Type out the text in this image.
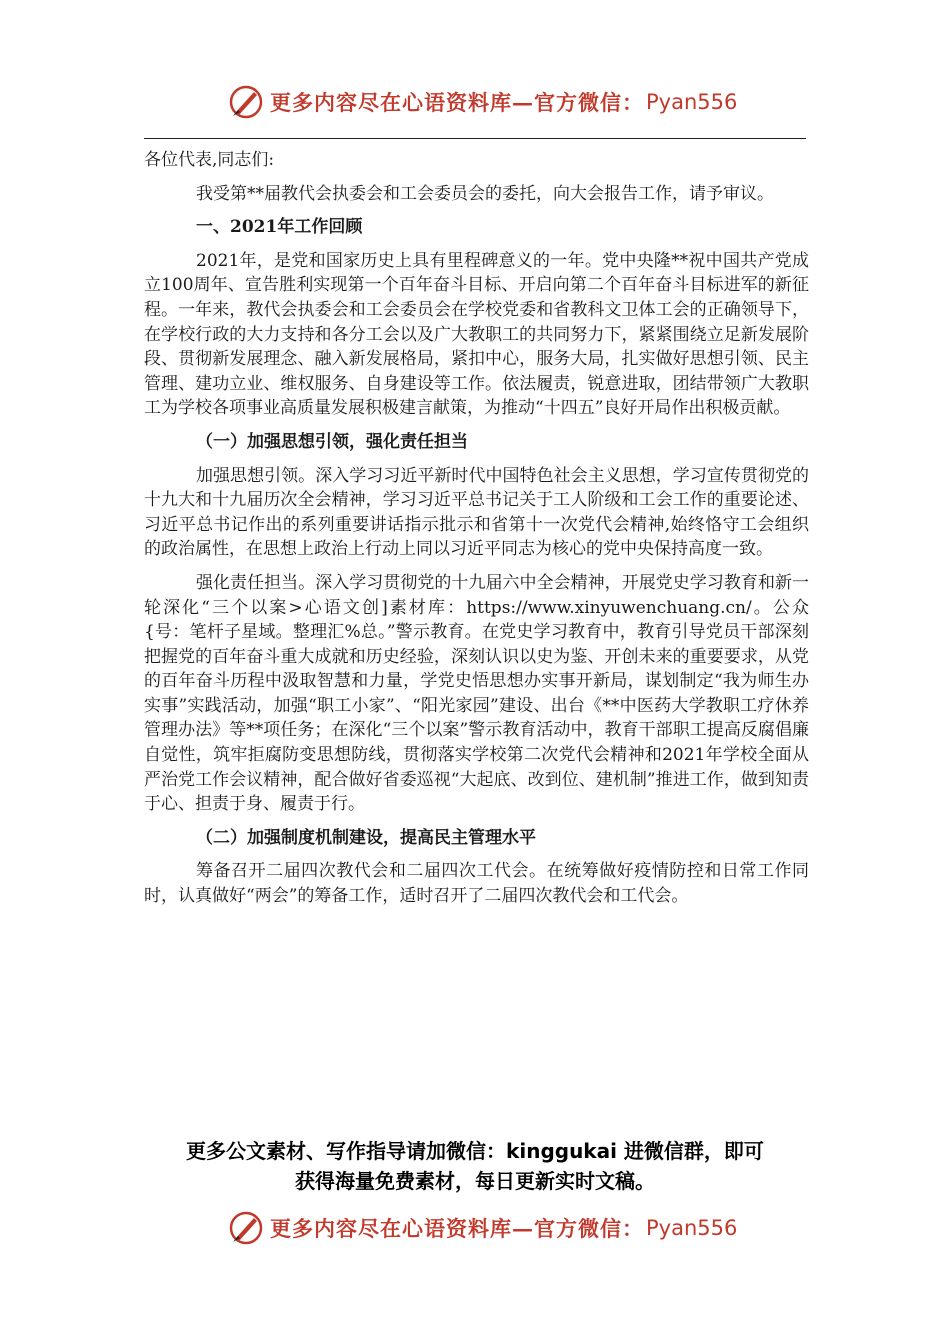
更多内容尽在心语资料库—官方微信： Pyan556

各位代表,同志们:

我受第**届教代会执委会和工会委员会的委托，向大会报告工作，请予审议。

一、2021年工作回顾

2021年，是党和国家历史上具有里程碑意义的一年。党中央隆**祝中国共产党成立100周年、宣告胜利实现第一个百年奋斗目标、开启向第二个百年奋斗目标进军的新征程。一年来，教代会执委会和工会委员会在学校党委和省教科文卫体工会的正确领导下，在学校行政的大力支持和各分工会以及广大教职工的共同努力下，紧紧围绕立足新发展阶段、贯彻新发展理念、融入新发展格局，紧扣中心，服务大局，扎实做好思想引领、民主管理、建功立业、维权服务、自身建设等工作。依法履责，锐意进取，团结带领广大教职工为学校各项事业高质量发展积极建言献策，为推动“十四五”良好开局作出积极贡献。

（一）加强思想引领，强化责任担当

加强思想引领。深入学习习近平新时代中国特色社会主义思想，学习宣传贯彻党的十九大和十九届历次全会精神，学习习近平总书记关于工人阶级和工会工作的重要论述、习近平总书记作出的系列重要讲话指示批示和省第十一次党代会精神,始终恪守工会组织的政治属性，在思想上政治上行动上同以习近平同志为核心的党中央保持高度一致。

强化责任担当。深入学习贯彻党的十九届六中全会精神，开展党史学习教育和新一轮深化“三个以案>心语文创]素材库：https://www.xinyuwenchuang.cn/。公众{号：笔杆子星域。整理汇%总。”警示教育。在党史学习教育中，教育引导党员干部深刻把握党的百年奋斗重大成就和历史经验，深刻认识以史为鉴、开创未来的重要要求，从党的百年奋斗历程中汲取智慧和力量，学党史悟思想办实事开新局，谋划制定“我为师生办实事”实践活动，加强“职工小家”、“阳光家园”建设、出台《**中医药大学教职工疗休养管理办法》等**项任务；在深化“三个以案”警示教育活动中，教育干部职工提高反腐倡廉自觉性，筑牢拒腐防变思想防线，贯彻落实学校第二次党代会精神和2021年学校全面从严治党工作会议精神，配合做好省委巡视“大起底、改到位、建机制”推进工作，做到知责于心、担责于身、履责于行。

（二）加强制度机制建设，提高民主管理水平

筹备召开二届四次教代会和二届四次工代会。在统筹做好疫情防控和日常工作同时，认真做好“两会”的筹备工作，适时召开了二届四次教代会和工代会。

更多公文素材、写作指导请加微信：kinggukai 进微信群，即可
获得海量免费素材，每日更新实时文稿。
更多内容尽在心语资料库—官方微信： Pyan556
